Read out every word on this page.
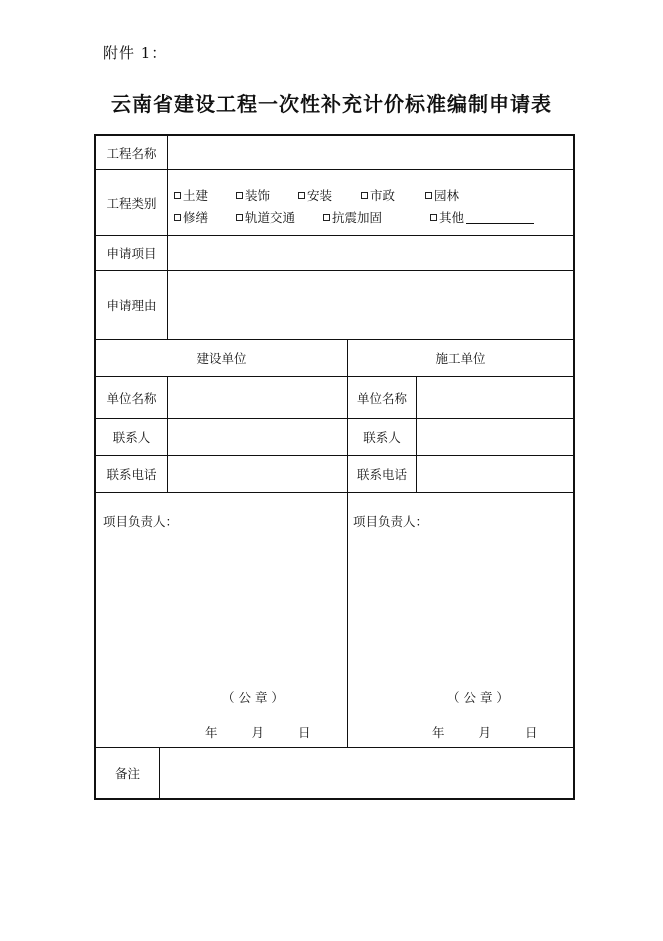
附件 1：
云南省建设工程一次性补充计价标准编制申请表
工程名称
工程类别	土建	装饰	安装	市政	园林
修缮	轨道交通	抗震加固	其他
申请项目
申请理由
建设单位	施工单位
单位名称	单位名称
联系人	联系人
联系电话	联系电话
项目负责人：
（ 公 章 ）
年	月	日
项目负责人：
（ 公 章 ）
年	月	日
备注
